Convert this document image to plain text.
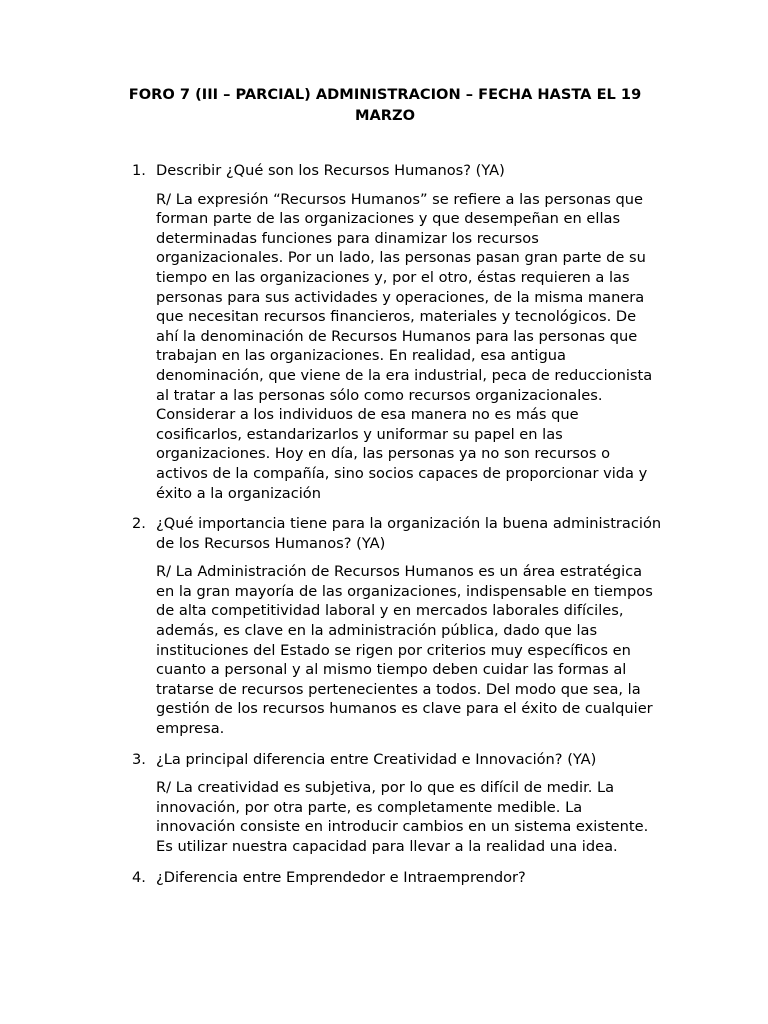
FORO 7 (III – PARCIAL) ADMINISTRACION – FECHA HASTA EL 19 MARZO
1. Describir ¿Qué son los Recursos Humanos? (YA)

R/ La expresión “Recursos Humanos” se refiere a las personas que forman parte de las organizaciones y que desempeñan en ellas determinadas funciones para dinamizar los recursos organizacionales. Por un lado, las personas pasan gran parte de su tiempo en las organizaciones y, por el otro, éstas requieren a las personas para sus actividades y operaciones, de la misma manera que necesitan recursos financieros, materiales y tecnológicos. De ahí la denominación de Recursos Humanos para las personas que trabajan en las organizaciones. En realidad, esa antigua denominación, que viene de la era industrial, peca de reduccionista al tratar a las personas sólo como recursos organizacionales. Considerar a los individuos de esa manera no es más que cosificarlos, estandarizarlos y uniformar su papel en las organizaciones. Hoy en día, las personas ya no son recursos o activos de la compañía, sino socios capaces de proporcionar vida y éxito a la organización

2. ¿Qué importancia tiene para la organización la buena administración de los Recursos Humanos? (YA)

R/ La Administración de Recursos Humanos es un área estratégica en la gran mayoría de las organizaciones, indispensable en tiempos de alta competitividad laboral y en mercados laborales difíciles, además, es clave en la administración pública, dado que las instituciones del Estado se rigen por criterios muy específicos en cuanto a personal y al mismo tiempo deben cuidar las formas al tratarse de recursos pertenecientes a todos. Del modo que sea, la gestión de los recursos humanos es clave para el éxito de cualquier empresa.

3. ¿La principal diferencia entre Creatividad e Innovación? (YA)

R/ La creatividad es subjetiva, por lo que es difícil de medir. La innovación, por otra parte, es completamente medible. La innovación consiste en introducir cambios en un sistema existente. Es utilizar nuestra capacidad para llevar a la realidad una idea.

4. ¿Diferencia entre Emprendedor e Intraemprendor?
